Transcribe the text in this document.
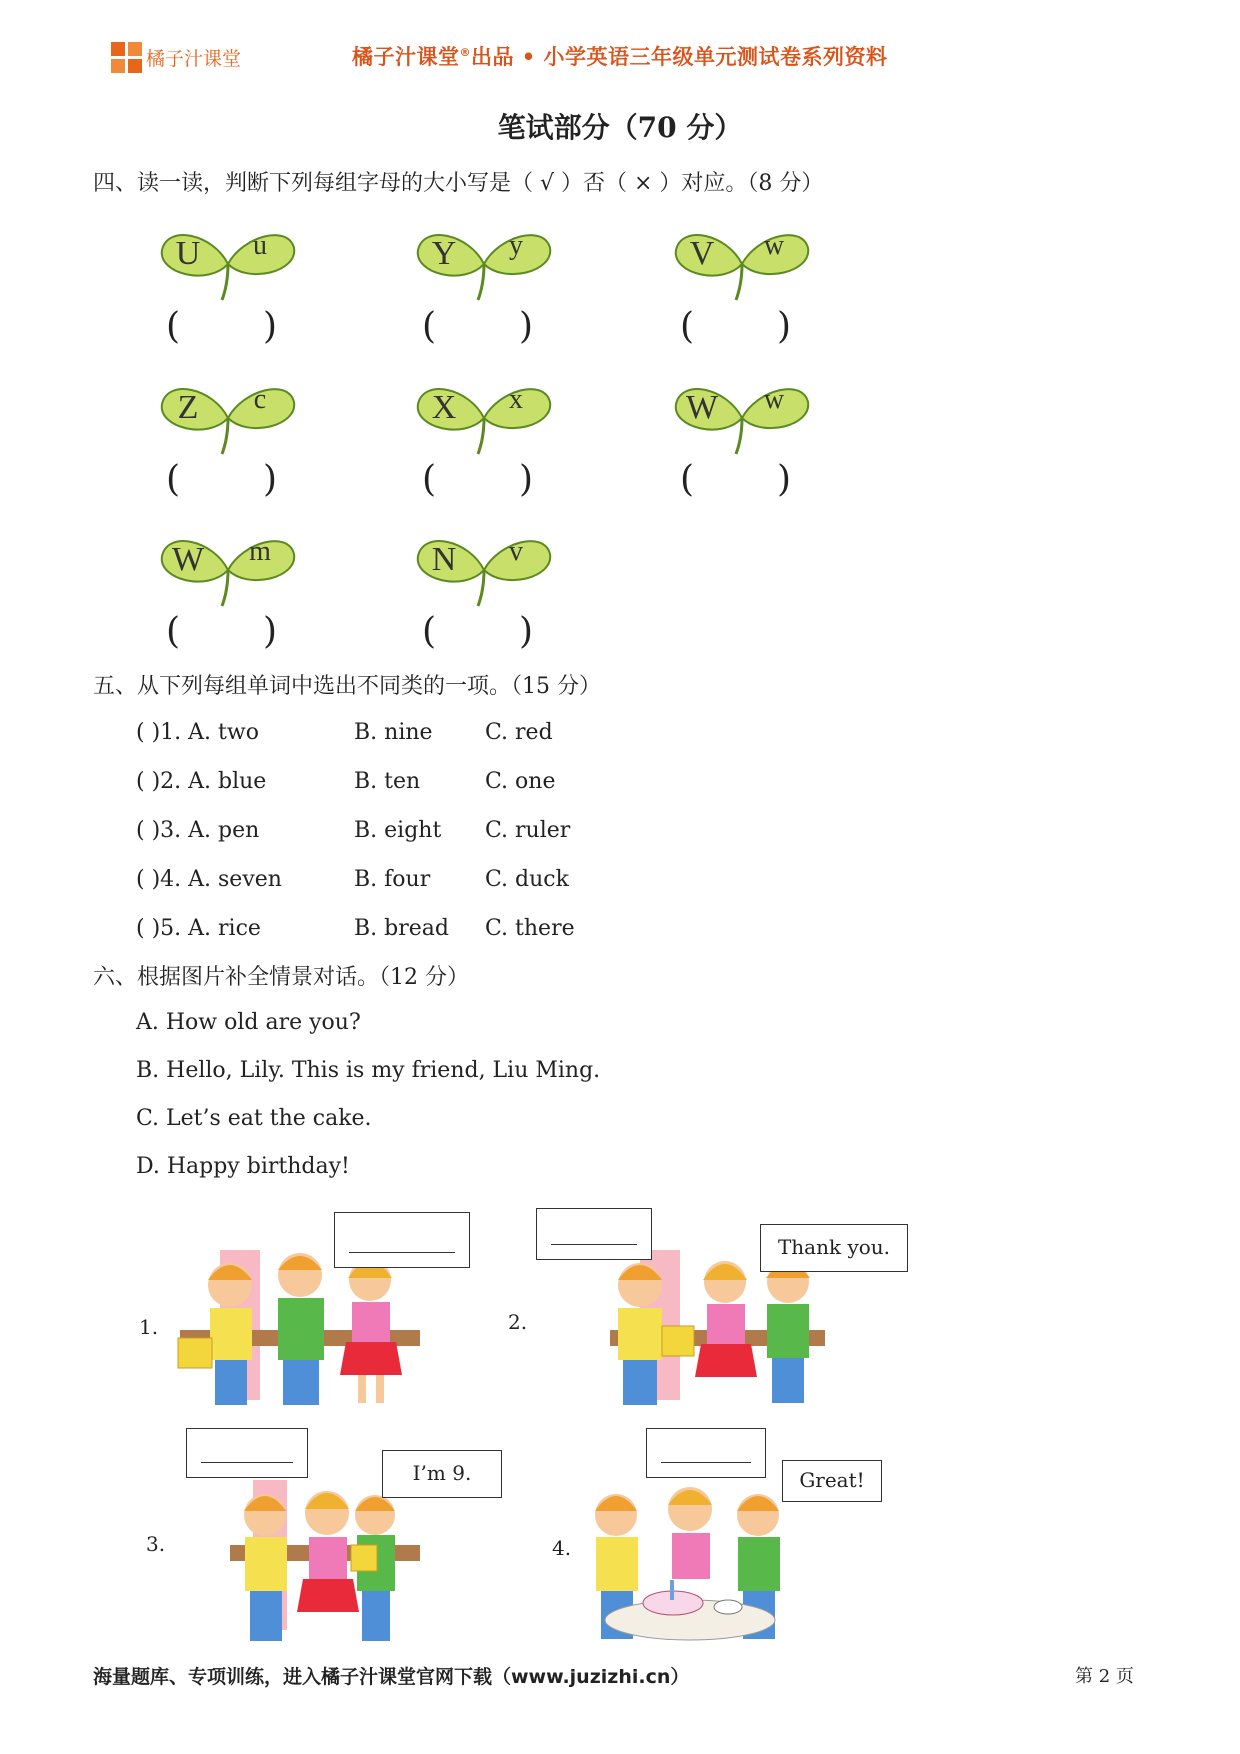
橘子汁课堂	橘子汁课堂®出品 • 小学英语三年级单元测试卷系列资料
笔试部分（70 分）
四、读一读，判断下列每组字母的大小写是（ √ ）否（ × ）对应。（8 分）
U u
( )
Y y
( )
V w
( )
Z c
( )
X x
( )
W w
( )
W m
( )
N v
( )
五、从下列每组单词中选出不同类的一项。（15 分）
( )1. A. two	B. nine C. red
( )2. A. blue	B. ten	C. one
( )3. A. pen	B. eight C. ruler
( )4. A. seven	B. four C. duck
( )5. A. rice	B. bread C. there
六、根据图片补全情景对话。（12 分）
A. How old are you?
B. Hello, Lily. This is my friend, Liu Ming.
C. Let’s eat the cake.
D. Happy birthday!
1.	2.
3.	4.
Thank you.
I’m 9.	Great!
海量题库、专项训练，进入橘子汁课堂官网下载（www.juzizhi.cn）	第 2 页
